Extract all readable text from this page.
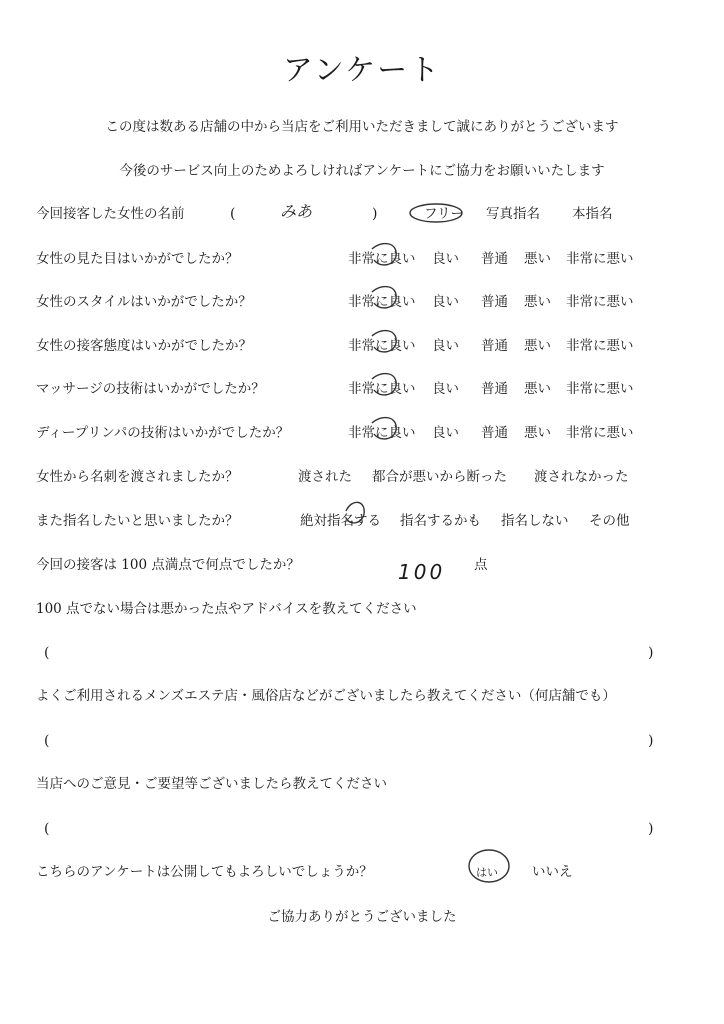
アンケート
この度は数ある店舗の中から当店をご利用いただきまして誠にありがとうございます
今後のサービス向上のためよろしければアンケートにご協力をお願いいたします
今回接客した女性の名前	(	みあ	)	フリー 写真指名 本指名
女性の見た目はいかがでしたか？	非常に良い 良い 普通 悪い 非常に悪い
女性のスタイルはいかがでしたか？	非常に良い 良い 普通 悪い 非常に悪い
女性の接客態度はいかがでしたか？	非常に良い 良い 普通 悪い 非常に悪い
マッサージの技術はいかがでしたか？	非常に良い 良い 普通 悪い 非常に悪い
ディープリンパの技術はいかがでしたか？	非常に良い 良い 普通 悪い 非常に悪い
女性から名刺を渡されましたか？	渡された 都合が悪いから断った 渡されなかった
また指名したいと思いましたか？	絶対指名する 指名するかも 指名しない その他
今回の接客は 100 点満点で何点でしたか？	100 点
100 点でない場合は悪かった点やアドバイスを教えてください
(	)
よくご利用されるメンズエステ店・風俗店などがございましたら教えてください（何店舗でも）
(	)
当店へのご意見・ご要望等ございましたら教えてください
(	)
こちらのアンケートは公開してもよろしいでしょうか？	はい	いいえ
ご協力ありがとうございました
